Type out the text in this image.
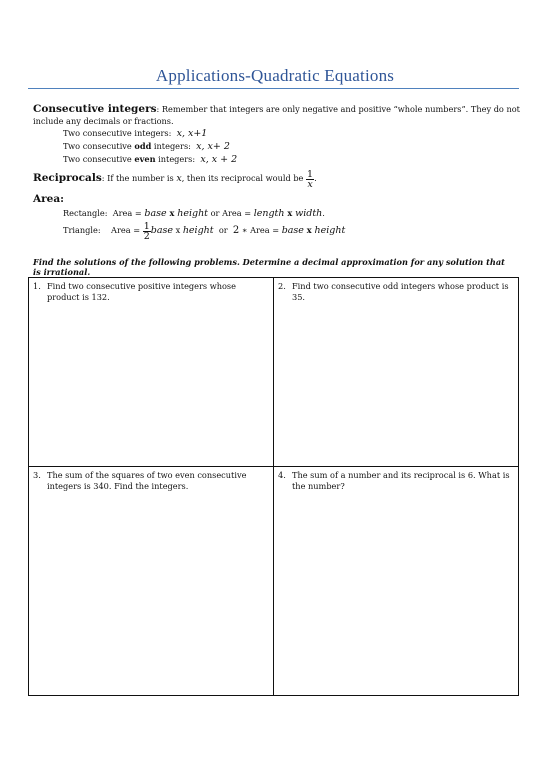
Applications-Quadratic Equations
Consecutive integers: Remember that integers are only negative and positive “whole numbers”. They do not
include any decimals or fractions.
Two consecutive integers: x, x+1
Two consecutive odd integers: x, x+ 2
Two consecutive even integers: x, x + 2
Reciprocals: If the number is x, then its reciprocal would be $\frac{1}{x}$ .
Area:
Rectangle: Area = base x height or Area = length x width.
Triangle: Area = $\frac{1}{2}$ base x height or 2 ∗ Area = base x height
Find the solutions of the following problems. Determine a decimal approximation for any solution that
is irrational.
1. Find two consecutive positive integers whose product is 132.	2. Find two consecutive odd integers whose product is 35.
3. The sum of the squares of two even consecutive integers is 340. Find the integers.	4. The sum of a number and its reciprocal is 6. What is the number?
